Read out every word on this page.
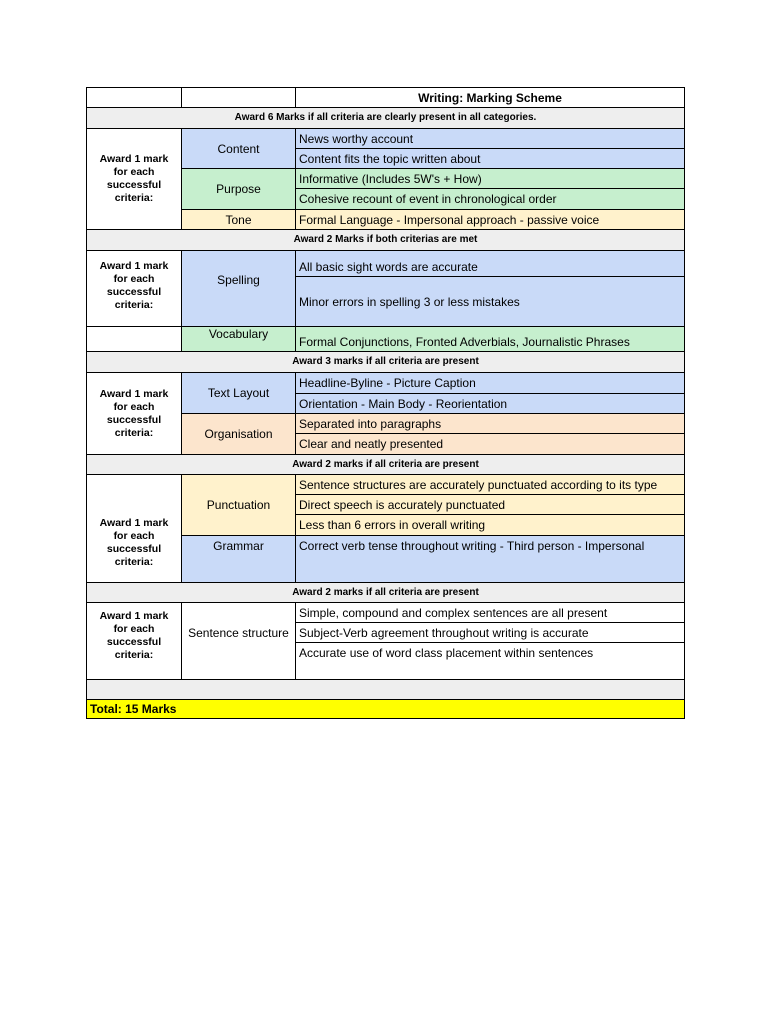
Writing: Marking Scheme
Award 6 Marks if all criteria are clearly present in all categories.
Award 1 mark for each successful criteria:
Content
News worthy account
Content fits the topic written about
Purpose
Informative (Includes 5W's + How)
Cohesive recount of event in chronological order
Tone	Formal Language - Impersonal approach - passive voice
Award 2 Marks if both criterias are met
Award 1 mark for each successful criteria:
Spelling
All basic sight words are accurate
Minor errors in spelling 3 or less mistakes
Vocabulary
Formal Conjunctions, Fronted Adverbials, Journalistic Phrases
Award 3 marks if all criteria are present
Award 1 mark for each successful criteria:
Text Layout
Headline-Byline - Picture Caption
Orientation - Main Body - Reorientation
Organisation
Separated into paragraphs
Clear and neatly presented
Award 2 marks if all criteria are present
Award 1 mark for each successful criteria:
Punctuation
Sentence structures are accurately punctuated according to its type
Direct speech is accurately punctuated
Less than 6 errors in overall writing
Grammar	Correct verb tense throughout writing - Third person - Impersonal
Award 2 marks if all criteria are present
Award 1 mark for each successful criteria:
Sentence structure
Simple, compound and complex sentences are all present
Subject-Verb agreement throughout writing is accurate
Accurate use of word class placement within sentences
Total: 15 Marks
